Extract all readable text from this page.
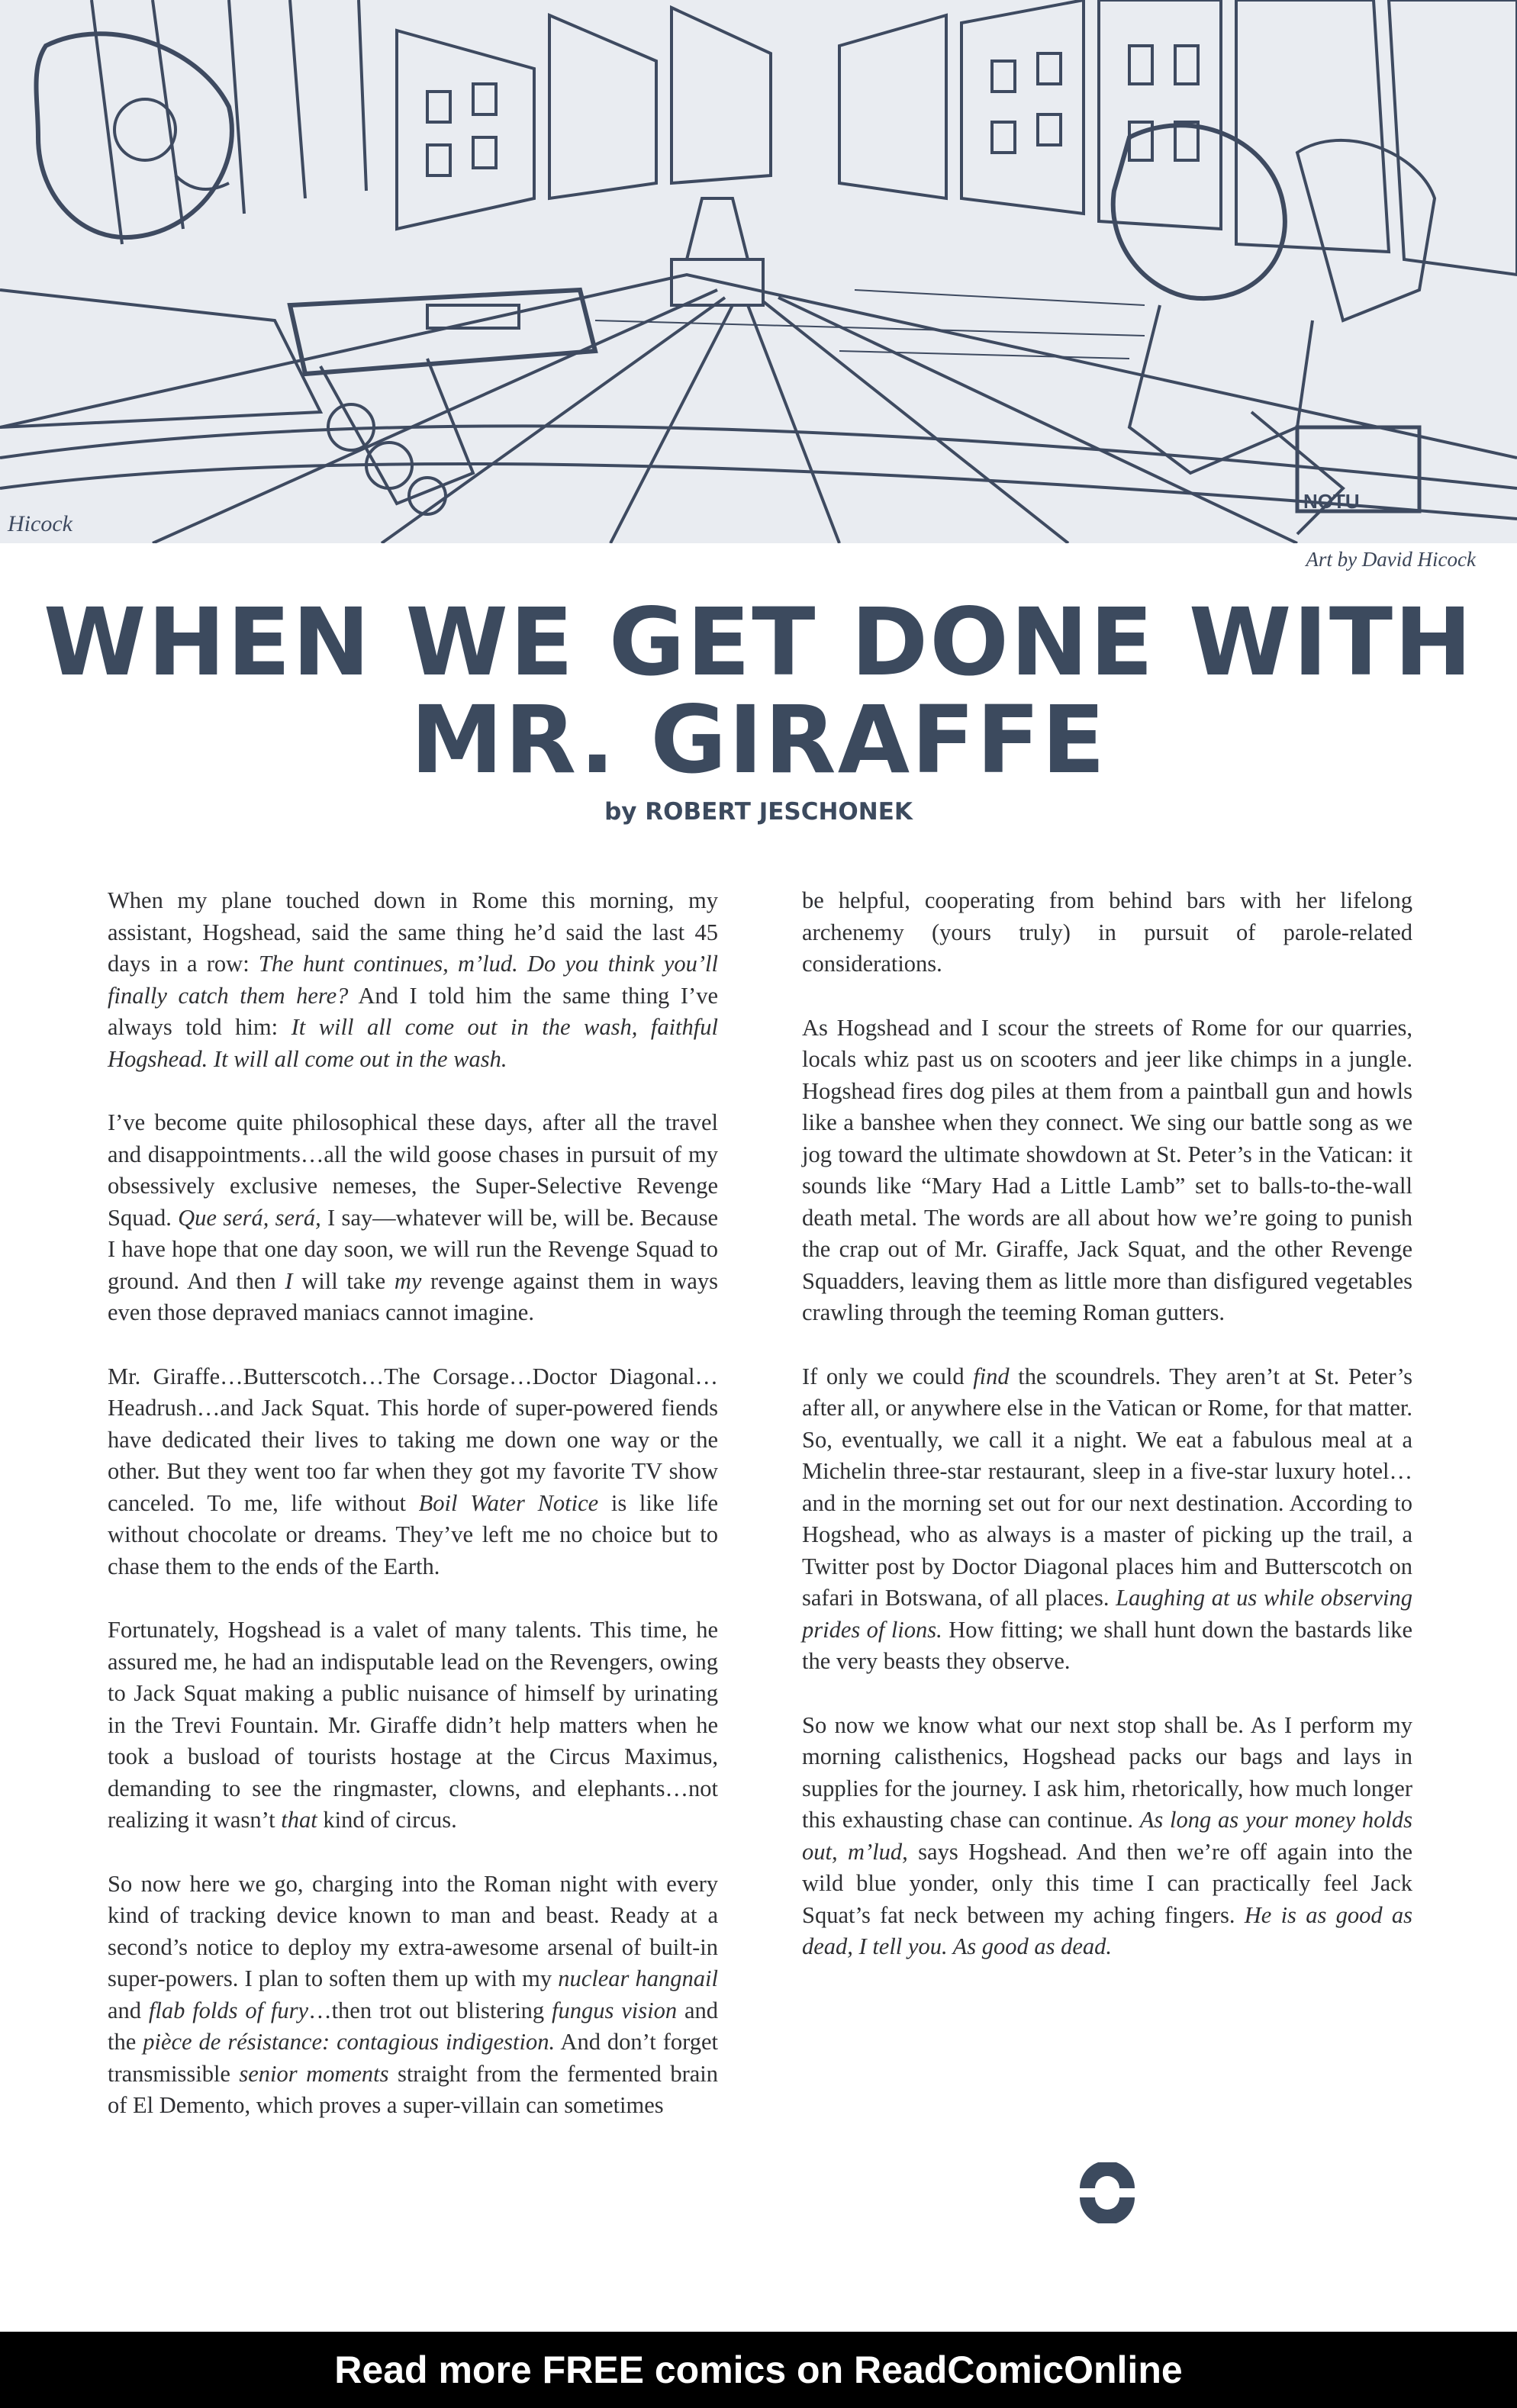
NOTU
Hicock
Art by David Hicock
WHEN WE GET DONE WITH
MR. GIRAFFE
by ROBERT JESCHONEK

When my plane touched down in Rome this morning, my assistant, Hogshead, said the same thing he’d said the last 45 days in a row: The hunt continues, m’lud. Do you think you’ll finally catch them here? And I told him the same thing I’ve always told him: It will all come out in the wash, faithful Hogshead. It will all come out in the wash.

I’ve become quite philosophical these days, after all the travel and disappointments…all the wild goose chases in pursuit of my obsessively exclusive nemeses, the Super-Selective Revenge Squad. Que será, será, I say—whatever will be, will be. Because I have hope that one day soon, we will run the Revenge Squad to ground. And then I will take my revenge against them in ways even those depraved maniacs cannot imagine.

Mr. Giraffe…Butterscotch…The Corsage…Doctor Diagonal…Headrush…and Jack Squat. This horde of super-powered fiends have dedicated their lives to taking me down one way or the other. But they went too far when they got my favorite TV show canceled. To me, life without Boil Water Notice is like life without chocolate or dreams. They’ve left me no choice but to chase them to the ends of the Earth.

Fortunately, Hogshead is a valet of many talents. This time, he assured me, he had an indisputable lead on the Revengers, owing to Jack Squat making a public nuisance of himself by urinating in the Trevi Fountain. Mr. Giraffe didn’t help matters when he took a busload of tourists hostage at the Circus Maximus, demanding to see the ringmaster, clowns, and elephants…not realizing it wasn’t that kind of circus.

So now here we go, charging into the Roman night with every kind of tracking device known to man and beast. Ready at a second’s notice to deploy my extra-awesome arsenal of built-in super-powers. I plan to soften them up with my nuclear hangnail and flab folds of fury…then trot out blistering fungus vision and the pièce de résistance: contagious indigestion. And don’t forget transmissible senior moments straight from the fermented brain of El Demento, which proves a super-villain can sometimes

be helpful, cooperating from behind bars with her lifelong archenemy (yours truly) in pursuit of parole-related considerations.

As Hogshead and I scour the streets of Rome for our quarries, locals whiz past us on scooters and jeer like chimps in a jungle. Hogshead fires dog piles at them from a paintball gun and howls like a banshee when they connect. We sing our battle song as we jog toward the ultimate showdown at St. Peter’s in the Vatican: it sounds like “Mary Had a Little Lamb” set to balls-to-the-wall death metal. The words are all about how we’re going to punish the crap out of Mr. Giraffe, Jack Squat, and the other Revenge Squadders, leaving them as little more than disfigured vegetables crawling through the teeming Roman gutters.

If only we could find the scoundrels. They aren’t at St. Peter’s after all, or anywhere else in the Vatican or Rome, for that matter. So, eventually, we call it a night. We eat a fabulous meal at a Michelin three-star restaurant, sleep in a five-star luxury hotel…and in the morning set out for our next destination. According to Hogshead, who as always is a master of picking up the trail, a Twitter post by Doctor Diagonal places him and Butterscotch on safari in Botswana, of all places. Laughing at us while observing prides of lions. How fitting; we shall hunt down the bastards like the very beasts they observe.

So now we know what our next stop shall be. As I perform my morning calisthenics, Hogshead packs our bags and lays in supplies for the journey. I ask him, rhetorically, how much longer this exhausting chase can continue. As long as your money holds out, m’lud, says Hogshead. And then we’re off again into the wild blue yonder, only this time I can practically feel Jack Squat’s fat neck between my aching fingers. He is as good as dead, I tell you. As good as dead.

Read more FREE comics on ReadComicOnline
